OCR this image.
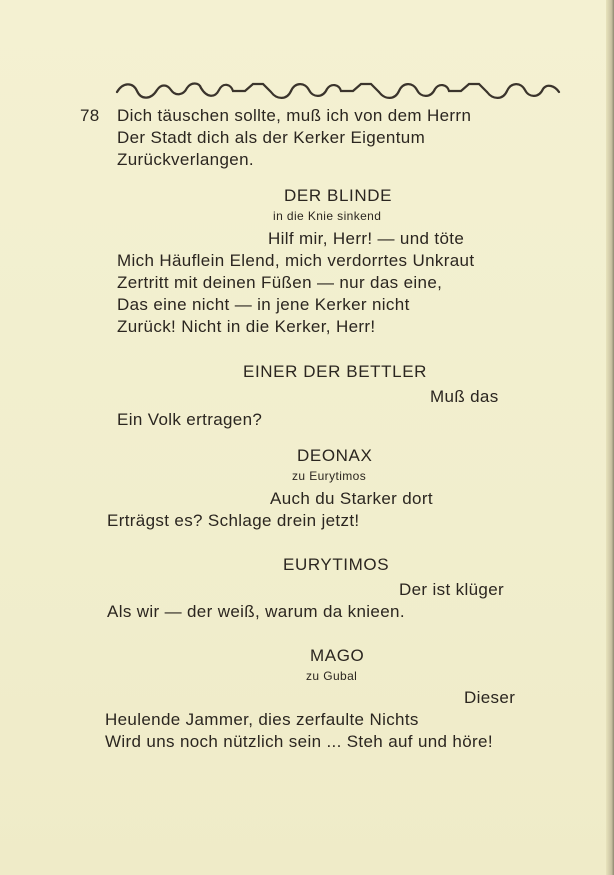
78 Dich täuschen sollte, muß ich von dem Herrn
Der Stadt dich als der Kerker Eigentum
Zurückverlangen.
DER BLINDE
in die Knie sinkend
Hilf mir, Herr! — und töte
Mich Häuflein Elend, mich verdorrtes Unkraut
Zertritt mit deinen Füßen — nur das eine,
Das eine nicht — in jene Kerker nicht
Zurück! Nicht in die Kerker, Herr!
EINER DER BETTLER
Muß das
Ein Volk ertragen?
DEONAX
zu Eurytimos
Auch du Starker dort
Erträgst es? Schlage drein jetzt!
EURYTIMOS
Der ist klüger
Als wir — der weiß, warum da knieen.
MAGO
zu Gubal
Dieser
Heulende Jammer, dies zerfaulte Nichts
Wird uns noch nützlich sein ... Steh auf und höre!
